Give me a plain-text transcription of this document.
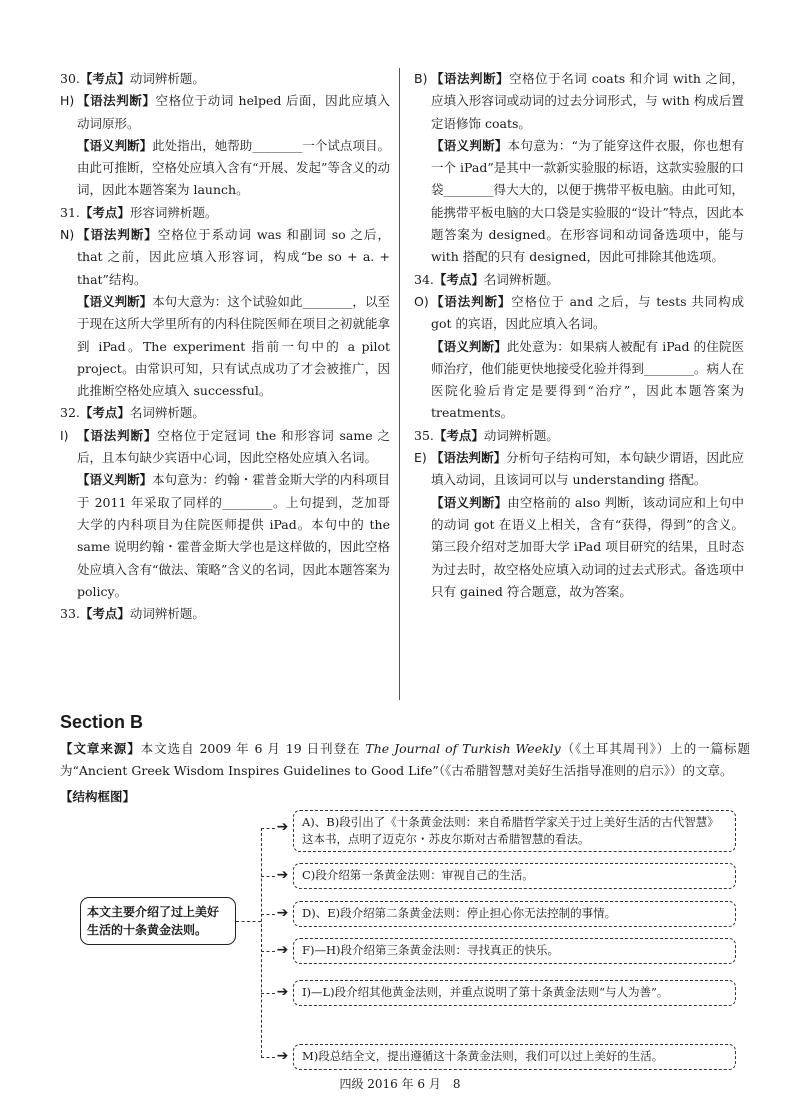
30. 【考点】 动词辨析题。
H) 【语法判断】空格位于动词 helped 后面，因此应填入动词原形。
【语义判断】此处指出，她帮助________一个试点项目。由此可推断，空格处应填入含有“开展、发起”等含义的动词，因此本题答案为 launch。
31. 【考点】 形容词辨析题。
N) 【语法判断】空格位于系动词 was 和副词 so 之后，that 之前，因此应填入形容词，构成“be so + a. + that”结构。
【语义判断】本句大意为：这个试验如此________，以至于现在这所大学里所有的内科住院医师在项目之初就能拿到 iPad。The experiment 指前一句中的 a pilot project。由常识可知，只有试点成功了才会被推广，因此推断空格处应填入 successful。
32. 【考点】 名词辨析题。
I) 【语法判断】空格位于定冠词 the 和形容词 same 之后，且本句缺少宾语中心词，因此空格处应填入名词。
【语义判断】本句意为：约翰・霍普金斯大学的内科项目于 2011 年采取了同样的________。上句提到，芝加哥大学的内科项目为住院医师提供 iPad。本句中的 the same 说明约翰・霍普金斯大学也是这样做的，因此空格处应填入含有“做法、策略”含义的名词，因此本题答案为 policy。
33. 【考点】 动词辨析题。
B) 【语法判断】空格位于名词 coats 和介词 with 之间，应填入形容词或动词的过去分词形式，与 with 构成后置定语修饰 coats。
【语义判断】本句意为：“为了能穿这件衣服，你也想有一个 iPad”是其中一款新实验服的标语，这款实验服的口袋________得大大的，以便于携带平板电脑。由此可知，能携带平板电脑的大口袋是实验服的“设计”特点，因此本题答案为 designed。在形容词和动词备选项中，能与 with 搭配的只有 designed，因此可排除其他选项。
34. 【考点】 名词辨析题。
O) 【语法判断】空格位于 and 之后，与 tests 共同构成 got 的宾语，因此应填入名词。
【语义判断】此处意为：如果病人被配有 iPad 的住院医师治疗，他们能更快地接受化验并得到________。病人在医院化验后肯定是要得到“治疗”，因此本题答案为 treatments。
35. 【考点】 动词辨析题。
E) 【语法判断】分析句子结构可知，本句缺少谓语，因此应填入动词，且该词可以与 understanding 搭配。
【语义判断】由空格前的 also 判断，该动词应和上句中的动词 got 在语义上相关，含有“获得，得到”的含义。第三段介绍对芝加哥大学 iPad 项目研究的结果，且时态为过去时，故空格处应填入动词的过去式形式。备选项中只有 gained 符合题意，故为答案。
Section B
【文章来源】本文选自 2009 年 6 月 19 日刊登在 The Journal of Turkish Weekly（《土耳其周刊》）上的一篇标题为“Ancient Greek Wisdom Inspires Guidelines to Good Life”（《古希腊智慧对美好生活指导准则的启示》）的文章。
【结构框图】
本文主要介绍了过上美好生活的十条黄金法则。
➔	A)、B)段引出了《十条黄金法则：来自希腊哲学家关于过上美好生活的古代智慧》这本书，点明了迈克尔・苏皮尔斯对古希腊智慧的看法。
➔	C)段介绍第一条黄金法则：审视自己的生活。
➔	D)、E)段介绍第二条黄金法则：停止担心你无法控制的事情。
➔	F)—H)段介绍第三条黄金法则：寻找真正的快乐。
➔	I)—L)段介绍其他黄金法则，并重点说明了第十条黄金法则“与人为善”。
➔	M)段总结全文，提出遵循这十条黄金法则，我们可以过上美好的生活。
四级 2016 年 6 月　8
